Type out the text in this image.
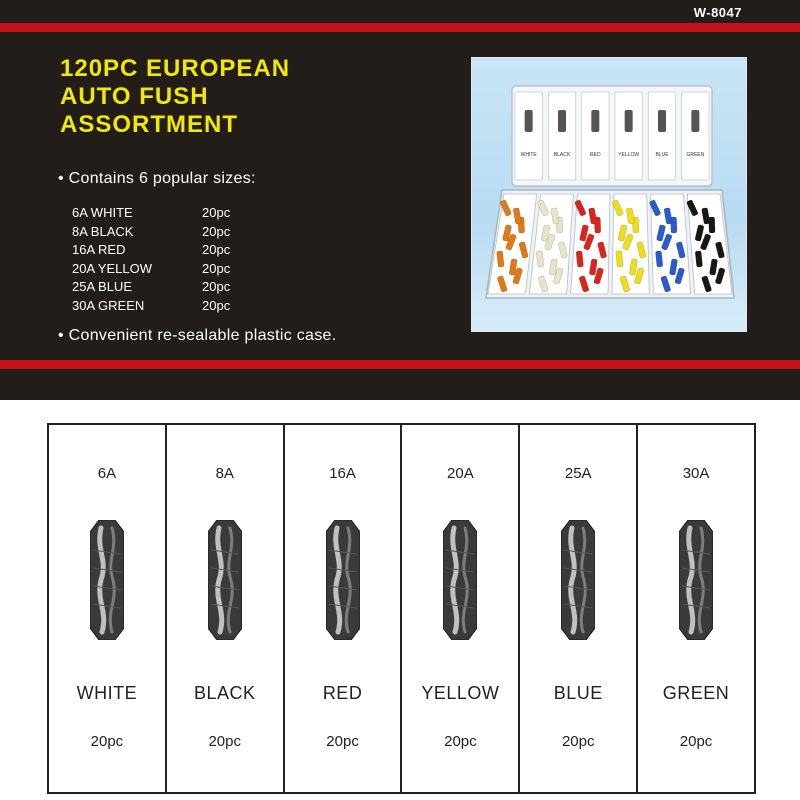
W-8047
120PC EUROPEAN
AUTO FUSH
ASSORTMENT
• Contains 6 popular sizes:
6A WHITE	20pc
8A BLACK	20pc
16A RED	20pc
20A YELLOW	20pc
25A BLUE	20pc
30A GREEN	20pc
• Convenient re-sealable plastic case.
WHITE	BLACK	RED	YELLOW	BLUE	GREEN
6A
WHITE
20pc
8A
BLACK
20pc
16A
RED
20pc
20A
YELLOW
20pc
25A
BLUE
20pc
30A
GREEN
20pc
